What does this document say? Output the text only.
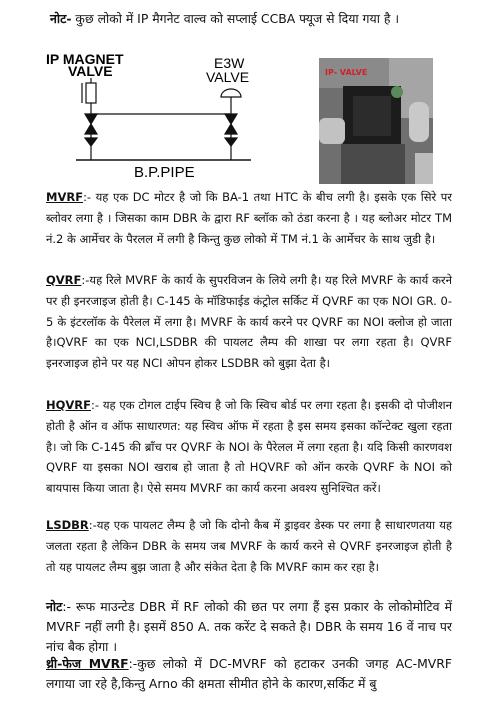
नोट- कुछ लोको में IP मैगनेट वाल्व को सप्लाई CCBA फ्यूज से दिया गया है ।
IP MAGNET
VALVE	E3W
VALVE
B.P.PIPE
IP- VALVE

MVRF:- यह एक DC मोटर है जो कि BA-1 तथा HTC के बीच लगी है। इसके एक सिरे पर ब्लोवर लगा है । जिसका काम DBR के द्वारा RF ब्लॉक को ठंडा करना है । यह ब्लोअर मोटर TM नं.2 के आर्मेचर के पैरलल में लगी है किन्तु कुछ लोको में TM नं.1 के आर्मेचर के साथ जुडी है।

QVRF:-यह रिले MVRF के कार्य के सुपरविजन के लिये लगी है। यह रिले MVRF के कार्य करने पर ही इनरजाइज होती है। C-145 के मॉडिफाईड कंट्रोल सर्किट में QVRF का एक NOI GR. 0-5 के इंटरलॉक के पैरेलल में लगा है। MVRF के कार्य करने पर QVRF का NOI क्लोज हो जाता है।QVRF का एक NCI,LSDBR की पायलट लैम्प की शाखा पर लगा रहता है। QVRF इनरजाइज होने पर यह NCI ओपन होकर LSDBR को बुझा देता है।

HQVRF:- यह एक टोगल टाईप स्विच है जो कि स्विच बोर्ड पर लगा रहता है। इसकी दो पोजीशन होती है ऑन व ऑफ साधारणत: यह स्विच ऑफ में रहता है इस समय इसका कॉन्टेक्ट खुला रहता है। जो कि C-145 की ब्रॉंच पर QVRF के NOI के पैरेलल में लगा रहता है। यदि किसी कारणवश QVRF या इसका NOI खराब हो जाता है तो HQVRF को ऑन करके QVRF के NOI को बायपास किया जाता है। ऐसे समय MVRF का कार्य करना अवश्य सुनिश्चित करें।

LSDBR:-यह एक पायलट लैम्प है जो कि दोनो कैब में ड्राइवर डेस्क पर लगा है साधारणतया यह जलता रहता है लेकिन DBR के समय जब MVRF के कार्य करने से QVRF इनरजाइज होती है तो यह पायलट लैम्प बुझ जाता है और संकेत देता है कि MVRF काम कर रहा है।

नोट:- रूफ माउन्टेड DBR में RF लोको की छत पर लगा हैं इस प्रकार के लोकोमोटिव में MVRF नहीं लगी है। इसमें 850 A. तक करेंट दे सकते है। DBR के समय 16 वें नाच पर नांच बैक होगा ।

थ्री-फेज MVRF:-कुछ लोको में DC-MVRF को हटाकर उनकी जगह AC-MVRF लगाया जा रहे है,किन्तु Arno की क्षमता सीमीत होने के कारण,सर्किट में बु
